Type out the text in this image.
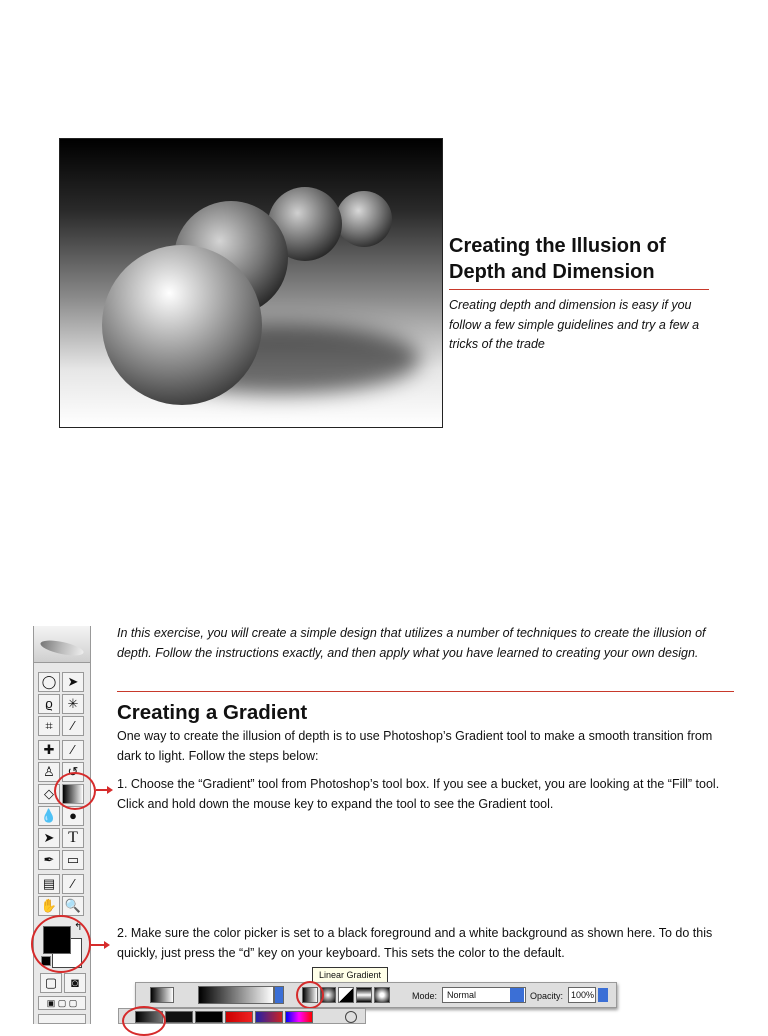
Creating the Illusion of Depth and Dimension
Creating depth and dimension is easy if you follow a few simple guidelines and try a few a tricks of the trade
◯ ➤
ϱ	✳
⌗	⁄
✚	⁄
♙ ↺
◇
💧 ●
➤ T
✒ ▭
▤	⁄
✋ 🔍
↰
▢	◙
▣ ▢ ▢

In this exercise, you will create a simple design that utilizes a number of techniques to create the illusion of depth. Follow the instructions exactly, and then apply what you have learned to creating your own design.

Creating a Gradient

One way to create the illusion of depth is to use Photoshop’s Gradient tool to make a smooth transition from dark to light. Follow the steps below:

1. Choose the “Gradient” tool from Photoshop’s tool box. If you see a bucket, you are looking at the “Fill” tool. Click and hold down the mouse key to expand the tool to see the Gradient tool.

2. Make sure the color picker is set to a black foreground and a white background as shown here. To do this quickly, just press the “d” key on your keyboard. This sets the color to the default.

Linear Gradient
Mode:	Normal	Opacity: 100%
